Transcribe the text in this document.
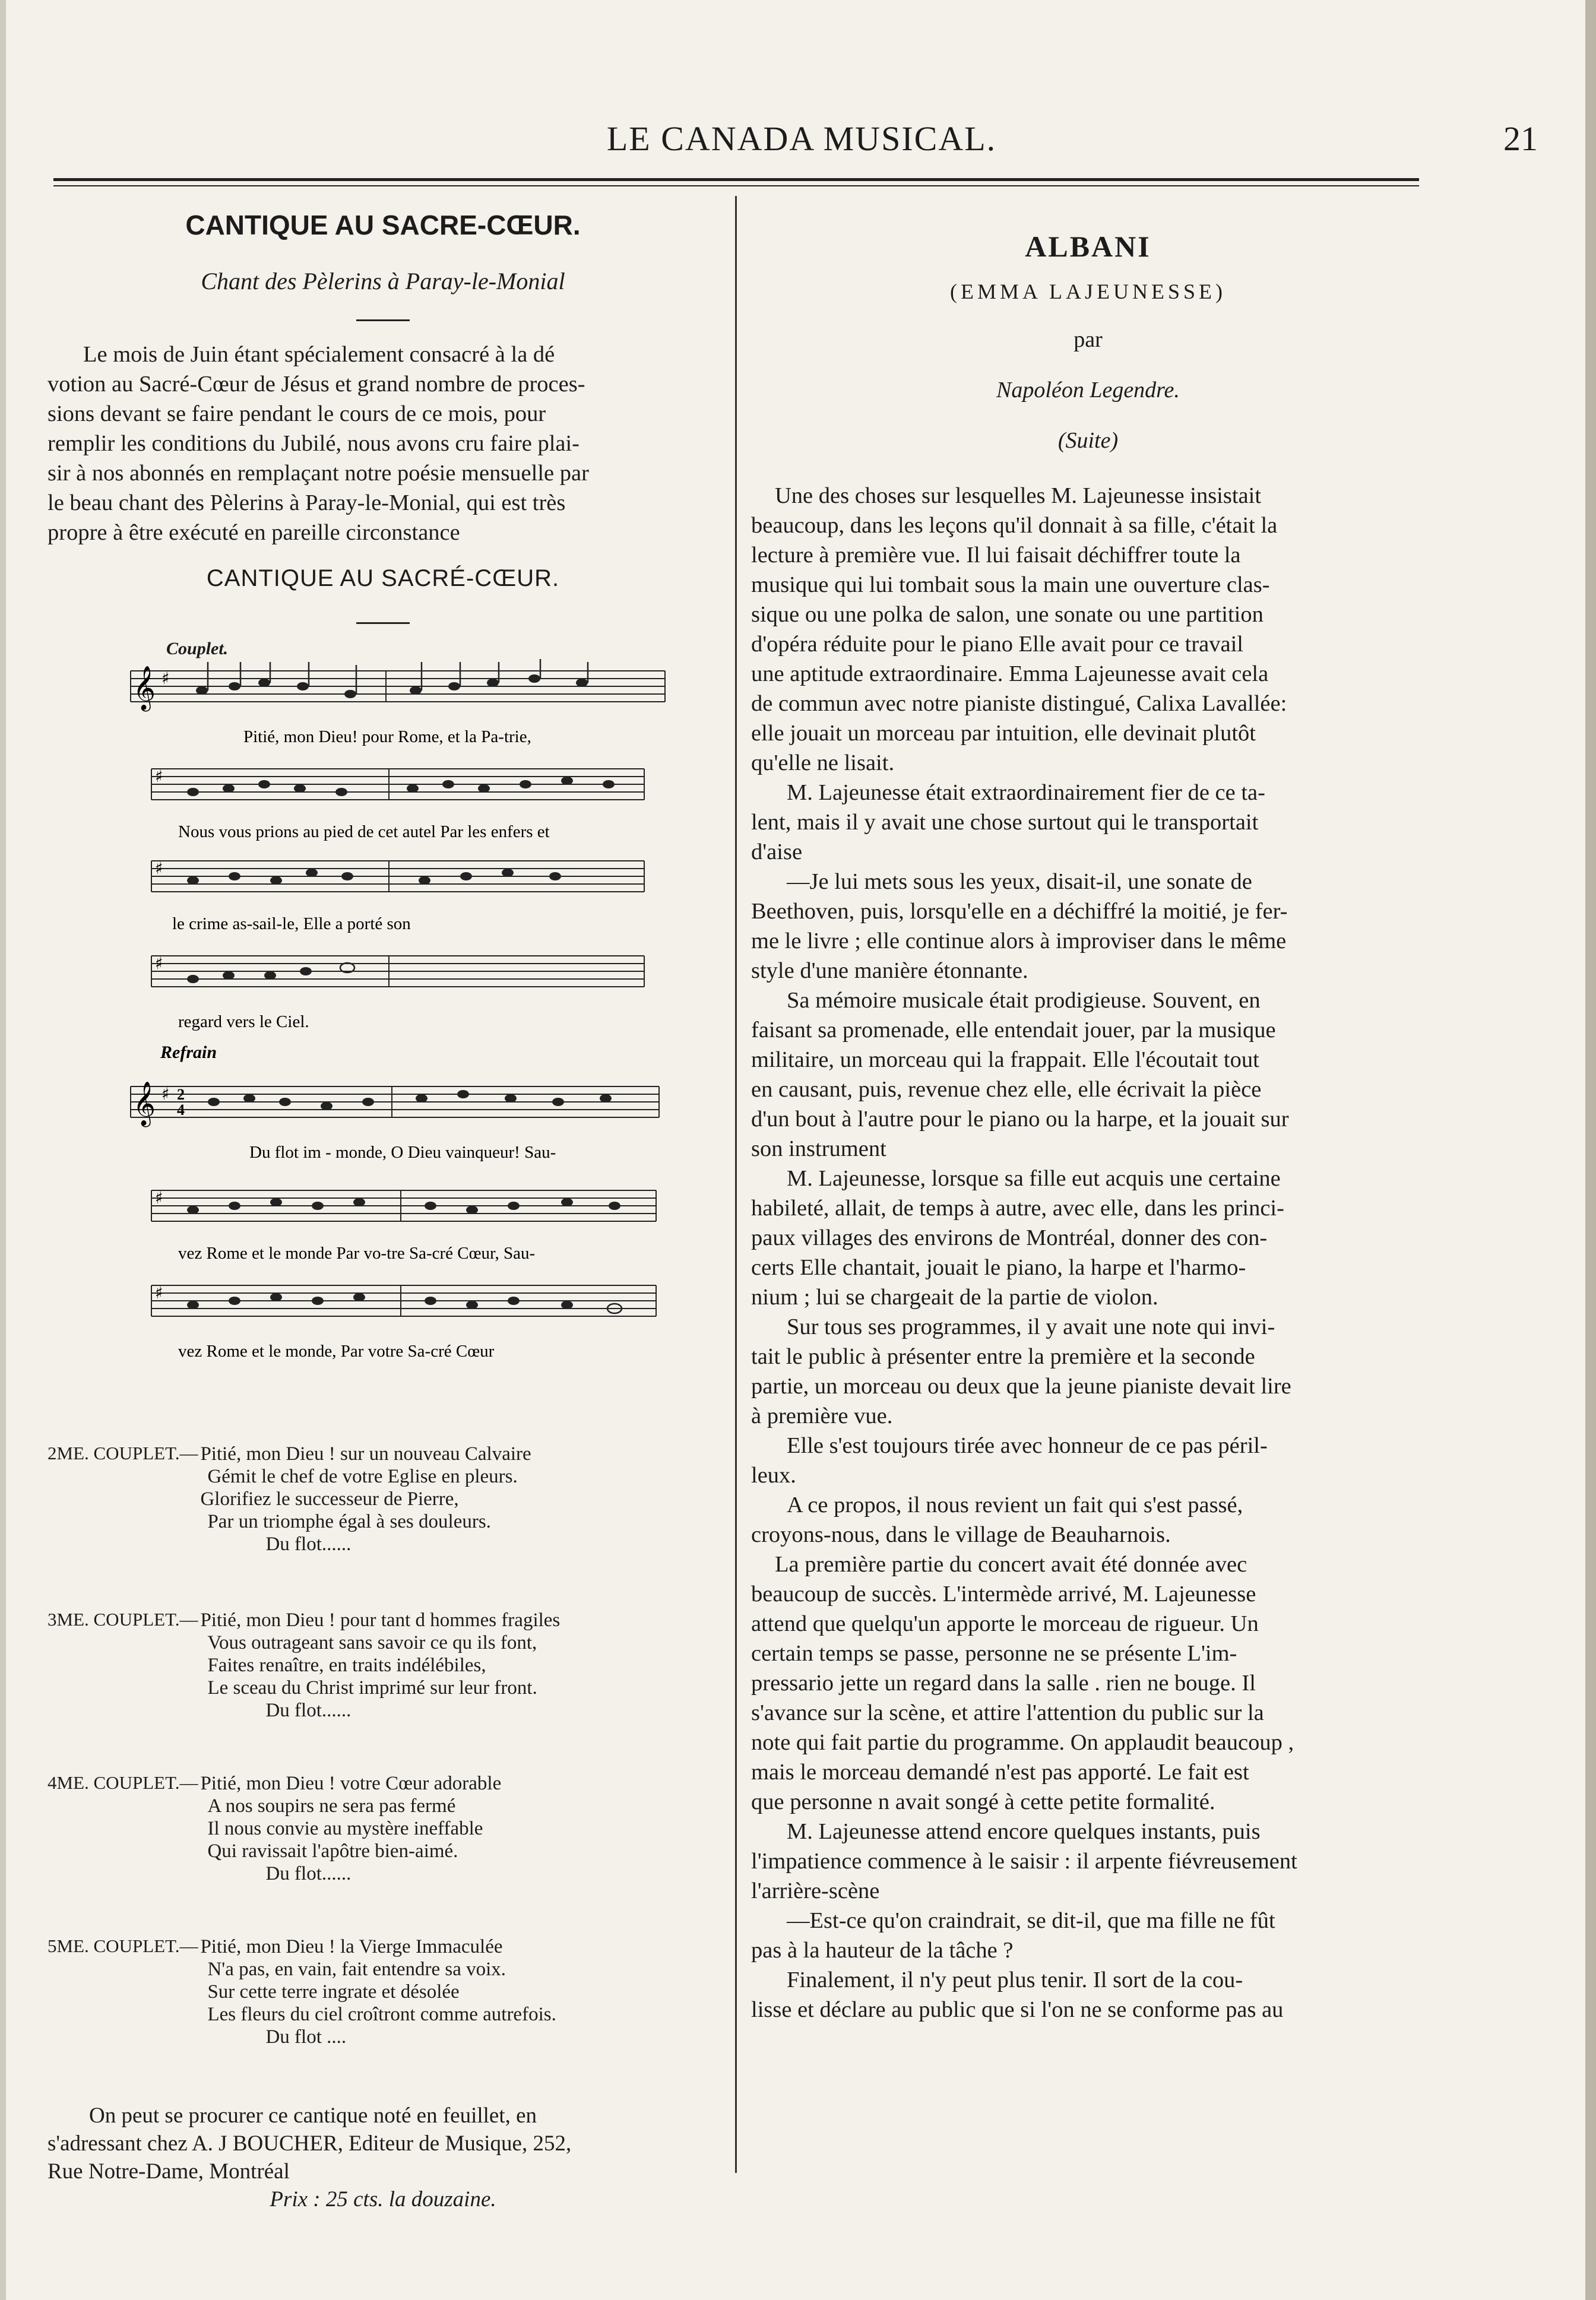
LE CANADA MUSICAL.	21
CANTIQUE AU SACRE-CŒUR.
Chant des Pèlerins à Paray-le-Monial

Le mois de Juin étant spécialement consacré à la dé

votion au Sacré-Cœur de Jésus et grand nombre de proces-

sions devant se faire pendant le cours de ce mois, pour

remplir les conditions du Jubilé, nous avons cru faire plai-

sir à nos abonnés en remplaçant notre poésie mensuelle par

le beau chant des Pèlerins à Paray-le-Monial, qui est très

propre à être exécuté en pareille circonstance

CANTIQUE AU SACRÉ-CŒUR.
Couplet.
𝄞 ♯
Pitié, mon Dieu! pour Rome, et la Pa-trie,
♯
Nous vous prions au pied de cet autel Par les enfers et
♯
le crime as-sail-le, Elle a porté son
♯
regard vers le Ciel.
Refrain
𝄞 ♯ 2
4
Du flot im - monde, O Dieu vainqueur! Sau-
♯
vez Rome et le monde Par vo-tre Sa-cré Cœur, Sau-
♯
vez Rome et le monde, Par votre Sa-cré Cœur
2ME. COUPLET.— Pitié, mon Dieu ! sur un nouveau Calvaire
Gémit le chef de votre Eglise en pleurs.
Glorifiez le successeur de Pierre,
Par un triomphe égal à ses douleurs.
Du flot......
3ME. COUPLET.— Pitié, mon Dieu ! pour tant d hommes fragiles
Vous outrageant sans savoir ce qu ils font,
Faites renaître, en traits indélébiles,
Le sceau du Christ imprimé sur leur front.
Du flot......
4ME. COUPLET.— Pitié, mon Dieu ! votre Cœur adorable
A nos soupirs ne sera pas fermé
Il nous convie au mystère ineffable
Qui ravissait l'apôtre bien-aimé.
Du flot......
5ME. COUPLET.— Pitié, mon Dieu ! la Vierge Immaculée
N'a pas, en vain, fait entendre sa voix.
Sur cette terre ingrate et désolée
Les fleurs du ciel croîtront comme autrefois.
Du flot ....
On peut se procurer ce cantique noté en feuillet, en
s'adressant chez A. J BOUCHER, Editeur de Musique, 252,
Rue Notre-Dame, Montréal
Prix : 25 cts. la douzaine.
ALBANI
(EMMA LAJEUNESSE)
par
Napoléon Legendre.
(Suite)

Une des choses sur lesquelles M. Lajeunesse insistait

beaucoup, dans les leçons qu'il donnait à sa fille, c'était la

lecture à première vue. Il lui faisait déchiffrer toute la

musique qui lui tombait sous la main une ouverture clas-

sique ou une polka de salon, une sonate ou une partition

d'opéra réduite pour le piano Elle avait pour ce travail

une aptitude extraordinaire. Emma Lajeunesse avait cela

de commun avec notre pianiste distingué, Calixa Lavallée:

elle jouait un morceau par intuition, elle devinait plutôt

qu'elle ne lisait.

M. Lajeunesse était extraordinairement fier de ce ta-

lent, mais il y avait une chose surtout qui le transportait

d'aise

—Je lui mets sous les yeux, disait-il, une sonate de

Beethoven, puis, lorsqu'elle en a déchiffré la moitié, je fer-

me le livre ; elle continue alors à improviser dans le même

style d'une manière étonnante.

Sa mémoire musicale était prodigieuse. Souvent, en

faisant sa promenade, elle entendait jouer, par la musique

militaire, un morceau qui la frappait. Elle l'écoutait tout

en causant, puis, revenue chez elle, elle écrivait la pièce

d'un bout à l'autre pour le piano ou la harpe, et la jouait sur

son instrument

M. Lajeunesse, lorsque sa fille eut acquis une certaine

habileté, allait, de temps à autre, avec elle, dans les princi-

paux villages des environs de Montréal, donner des con-

certs Elle chantait, jouait le piano, la harpe et l'harmo-

nium ; lui se chargeait de la partie de violon.

Sur tous ses programmes, il y avait une note qui invi-

tait le public à présenter entre la première et la seconde

partie, un morceau ou deux que la jeune pianiste devait lire

à première vue.

Elle s'est toujours tirée avec honneur de ce pas péril-

leux.

A ce propos, il nous revient un fait qui s'est passé,

croyons-nous, dans le village de Beauharnois.

La première partie du concert avait été donnée avec

beaucoup de succès. L'intermède arrivé, M. Lajeunesse

attend que quelqu'un apporte le morceau de rigueur. Un

certain temps se passe, personne ne se présente L'im-

pressario jette un regard dans la salle . rien ne bouge. Il

s'avance sur la scène, et attire l'attention du public sur la

note qui fait partie du programme. On applaudit beaucoup ,

mais le morceau demandé n'est pas apporté. Le fait est

que personne n avait songé à cette petite formalité.

M. Lajeunesse attend encore quelques instants, puis

l'impatience commence à le saisir : il arpente fiévreusement

l'arrière-scène

—Est-ce qu'on craindrait, se dit-il, que ma fille ne fût

pas à la hauteur de la tâche ?

Finalement, il n'y peut plus tenir. Il sort de la cou-

lisse et déclare au public que si l'on ne se conforme pas au
